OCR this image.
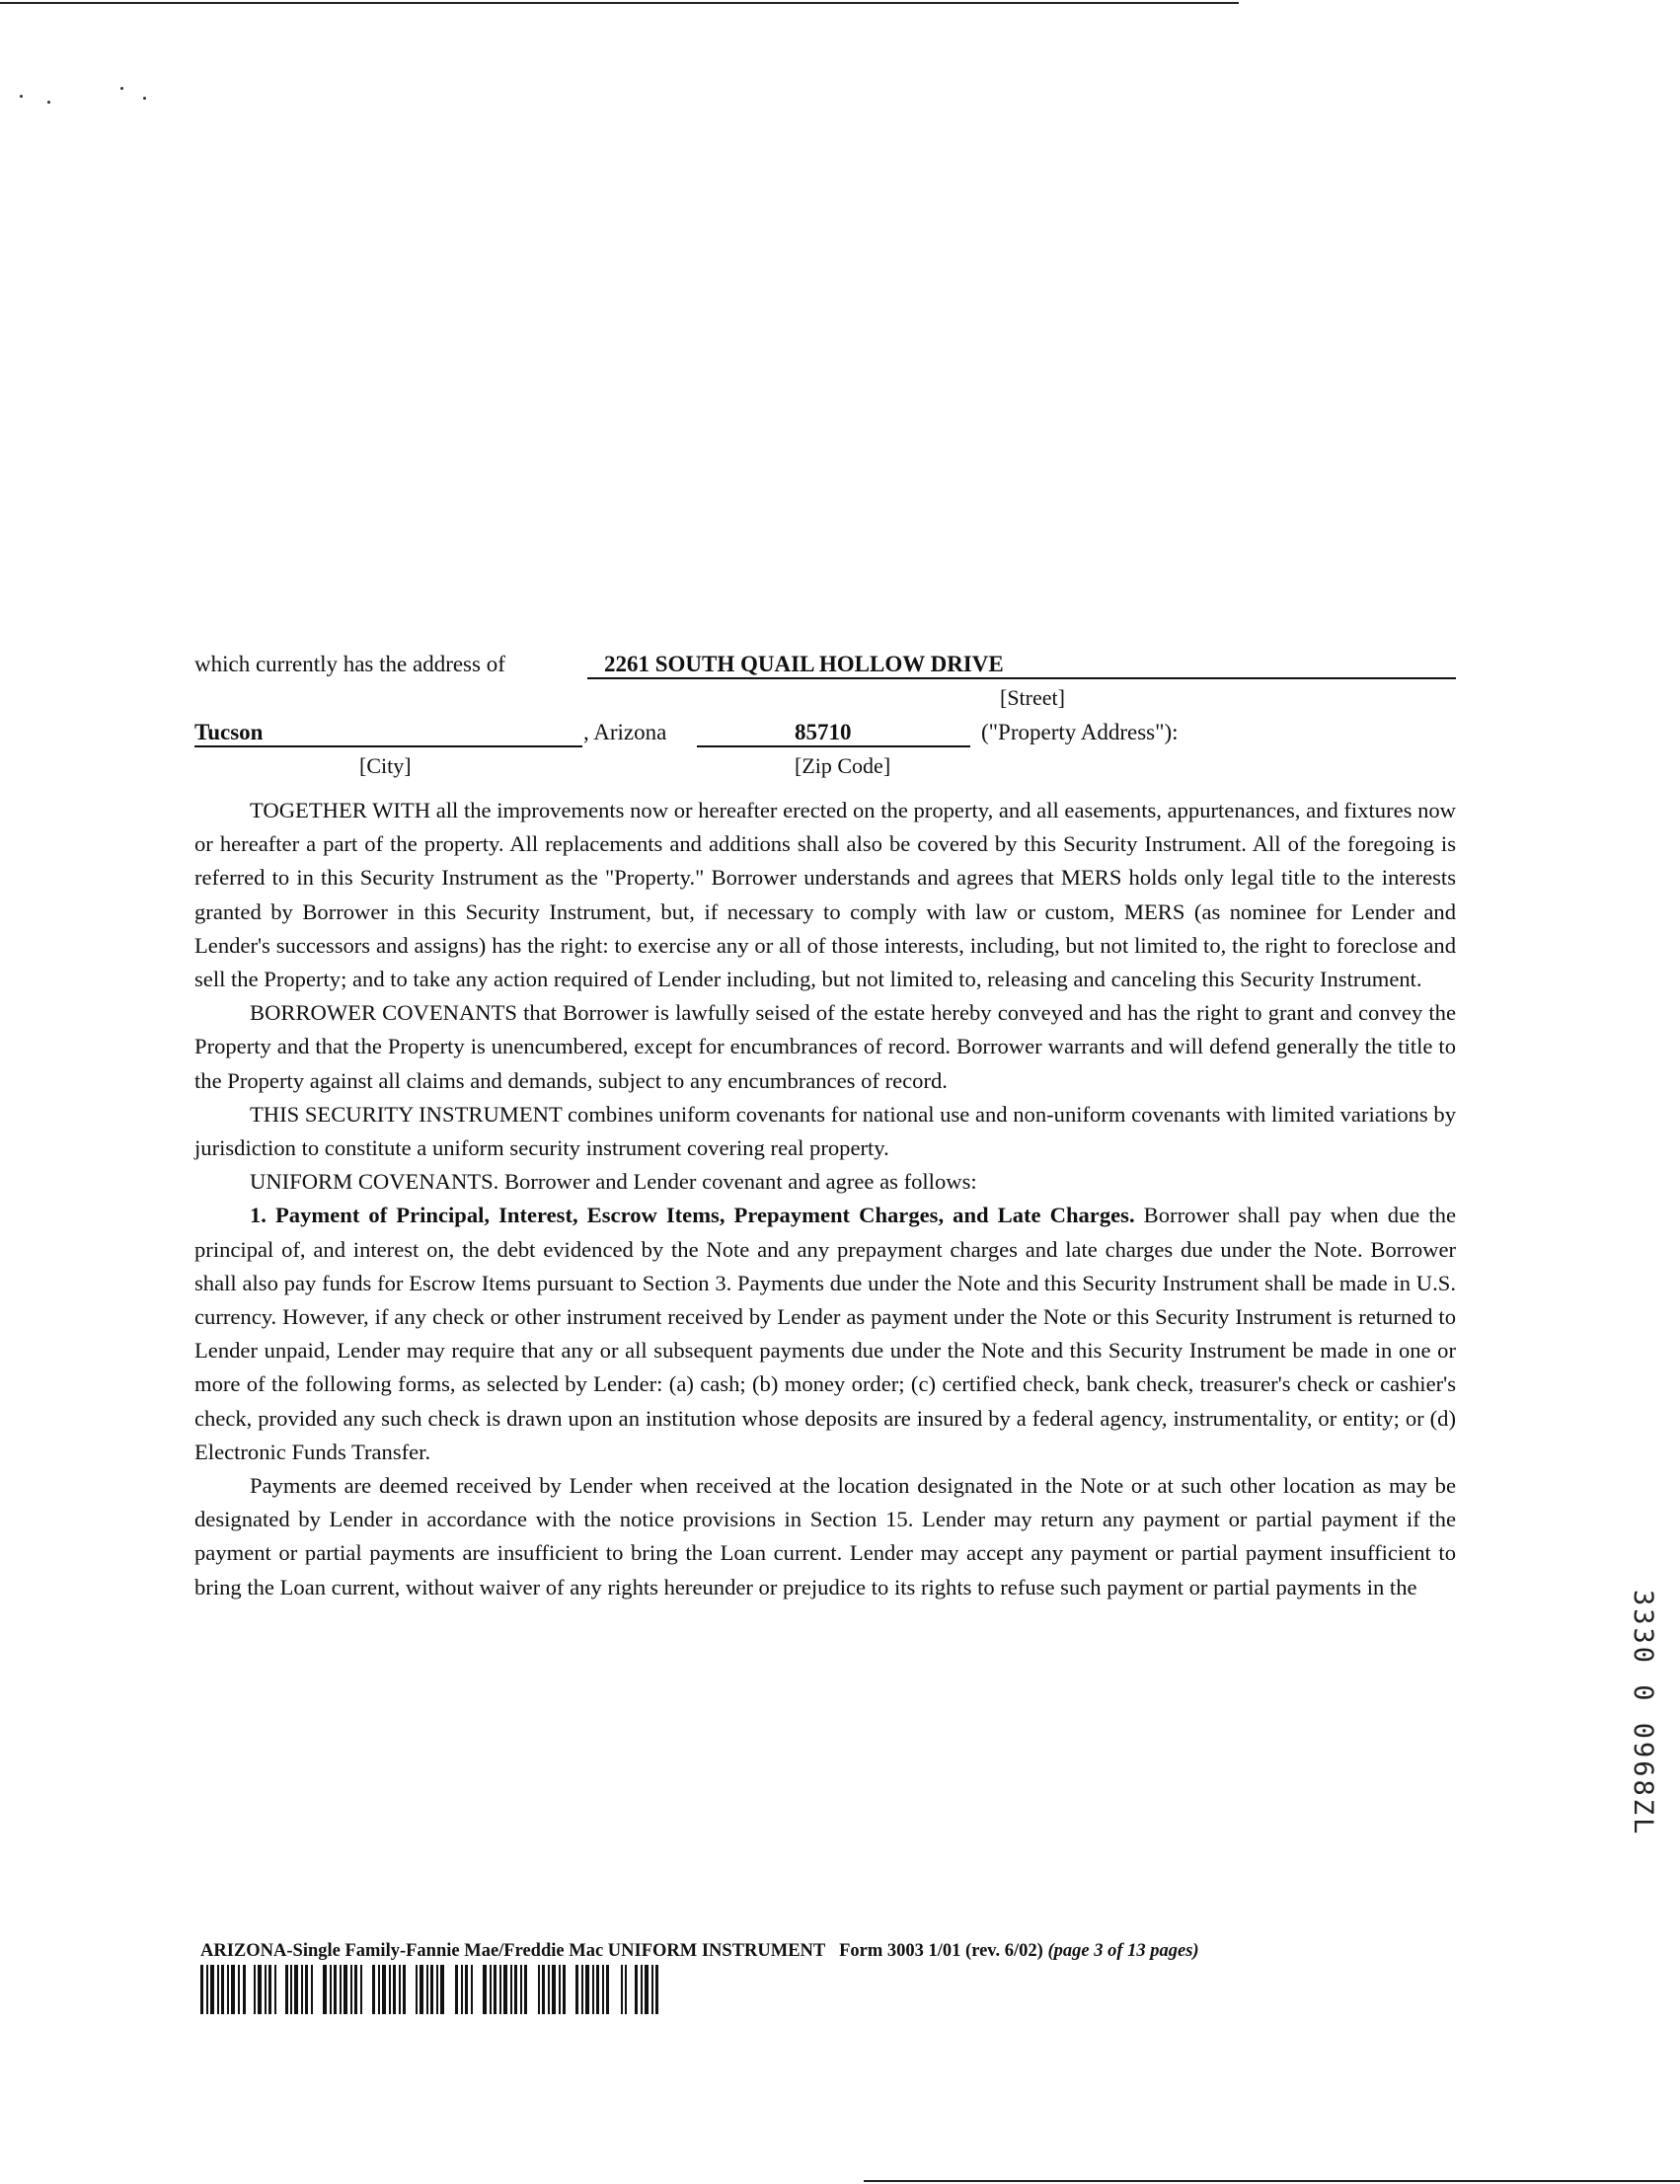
which currently has the address of	2261 SOUTH QUAIL HOLLOW DRIVE
[Street]
Tucson	, Arizona	85710	("Property Address"):
[City]	[Zip Code]

TOGETHER WITH all the improvements now or hereafter erected on the property, and all easements, appurtenances, and fixtures now or hereafter a part of the property. All replacements and additions shall also be covered by this Security Instrument. All of the foregoing is referred to in this Security Instrument as the "Property." Borrower understands and agrees that MERS holds only legal title to the interests granted by Borrower in this Security Instrument, but, if necessary to comply with law or custom, MERS (as nominee for Lender and Lender's successors and assigns) has the right: to exercise any or all of those interests, including, but not limited to, the right to foreclose and sell the Property; and to take any action required of Lender including, but not limited to, releasing and canceling this Security Instrument.

BORROWER COVENANTS that Borrower is lawfully seised of the estate hereby conveyed and has the right to grant and convey the Property and that the Property is unencumbered, except for encumbrances of record. Borrower warrants and will defend generally the title to the Property against all claims and demands, subject to any encumbrances of record.

THIS SECURITY INSTRUMENT combines uniform covenants for national use and non-uniform covenants with limited variations by jurisdiction to constitute a uniform security instrument covering real property.

UNIFORM COVENANTS. Borrower and Lender covenant and agree as follows:

1. Payment of Principal, Interest, Escrow Items, Prepayment Charges, and Late Charges. Borrower shall pay when due the principal of, and interest on, the debt evidenced by the Note and any prepayment charges and late charges due under the Note. Borrower shall also pay funds for Escrow Items pursuant to Section 3. Payments due under the Note and this Security Instrument shall be made in U.S. currency. However, if any check or other instrument received by Lender as payment under the Note or this Security Instrument is returned to Lender unpaid, Lender may require that any or all subsequent payments due under the Note and this Security Instrument be made in one or more of the following forms, as selected by Lender: (a) cash; (b) money order; (c) certified check, bank check, treasurer's check or cashier's check, provided any such check is drawn upon an institution whose deposits are insured by a federal agency, instrumentality, or entity; or (d) Electronic Funds Transfer.

Payments are deemed received by Lender when received at the location designated in the Note or at such other location as may be designated by Lender in accordance with the notice provisions in Section 15. Lender may return any payment or partial payment if the payment or partial payments are insufficient to bring the Loan current. Lender may accept any payment or partial payment insufficient to bring the Loan current, without waiver of any rights hereunder or prejudice to its rights to refuse such payment or partial payments in the

ARIZONA-Single Family-Fannie Mae/Freddie Mac UNIFORM INSTRUMENT Form 3003 1/01 (rev. 6/02) (page 3 of 13 pages)
3330 0 0968ZL
